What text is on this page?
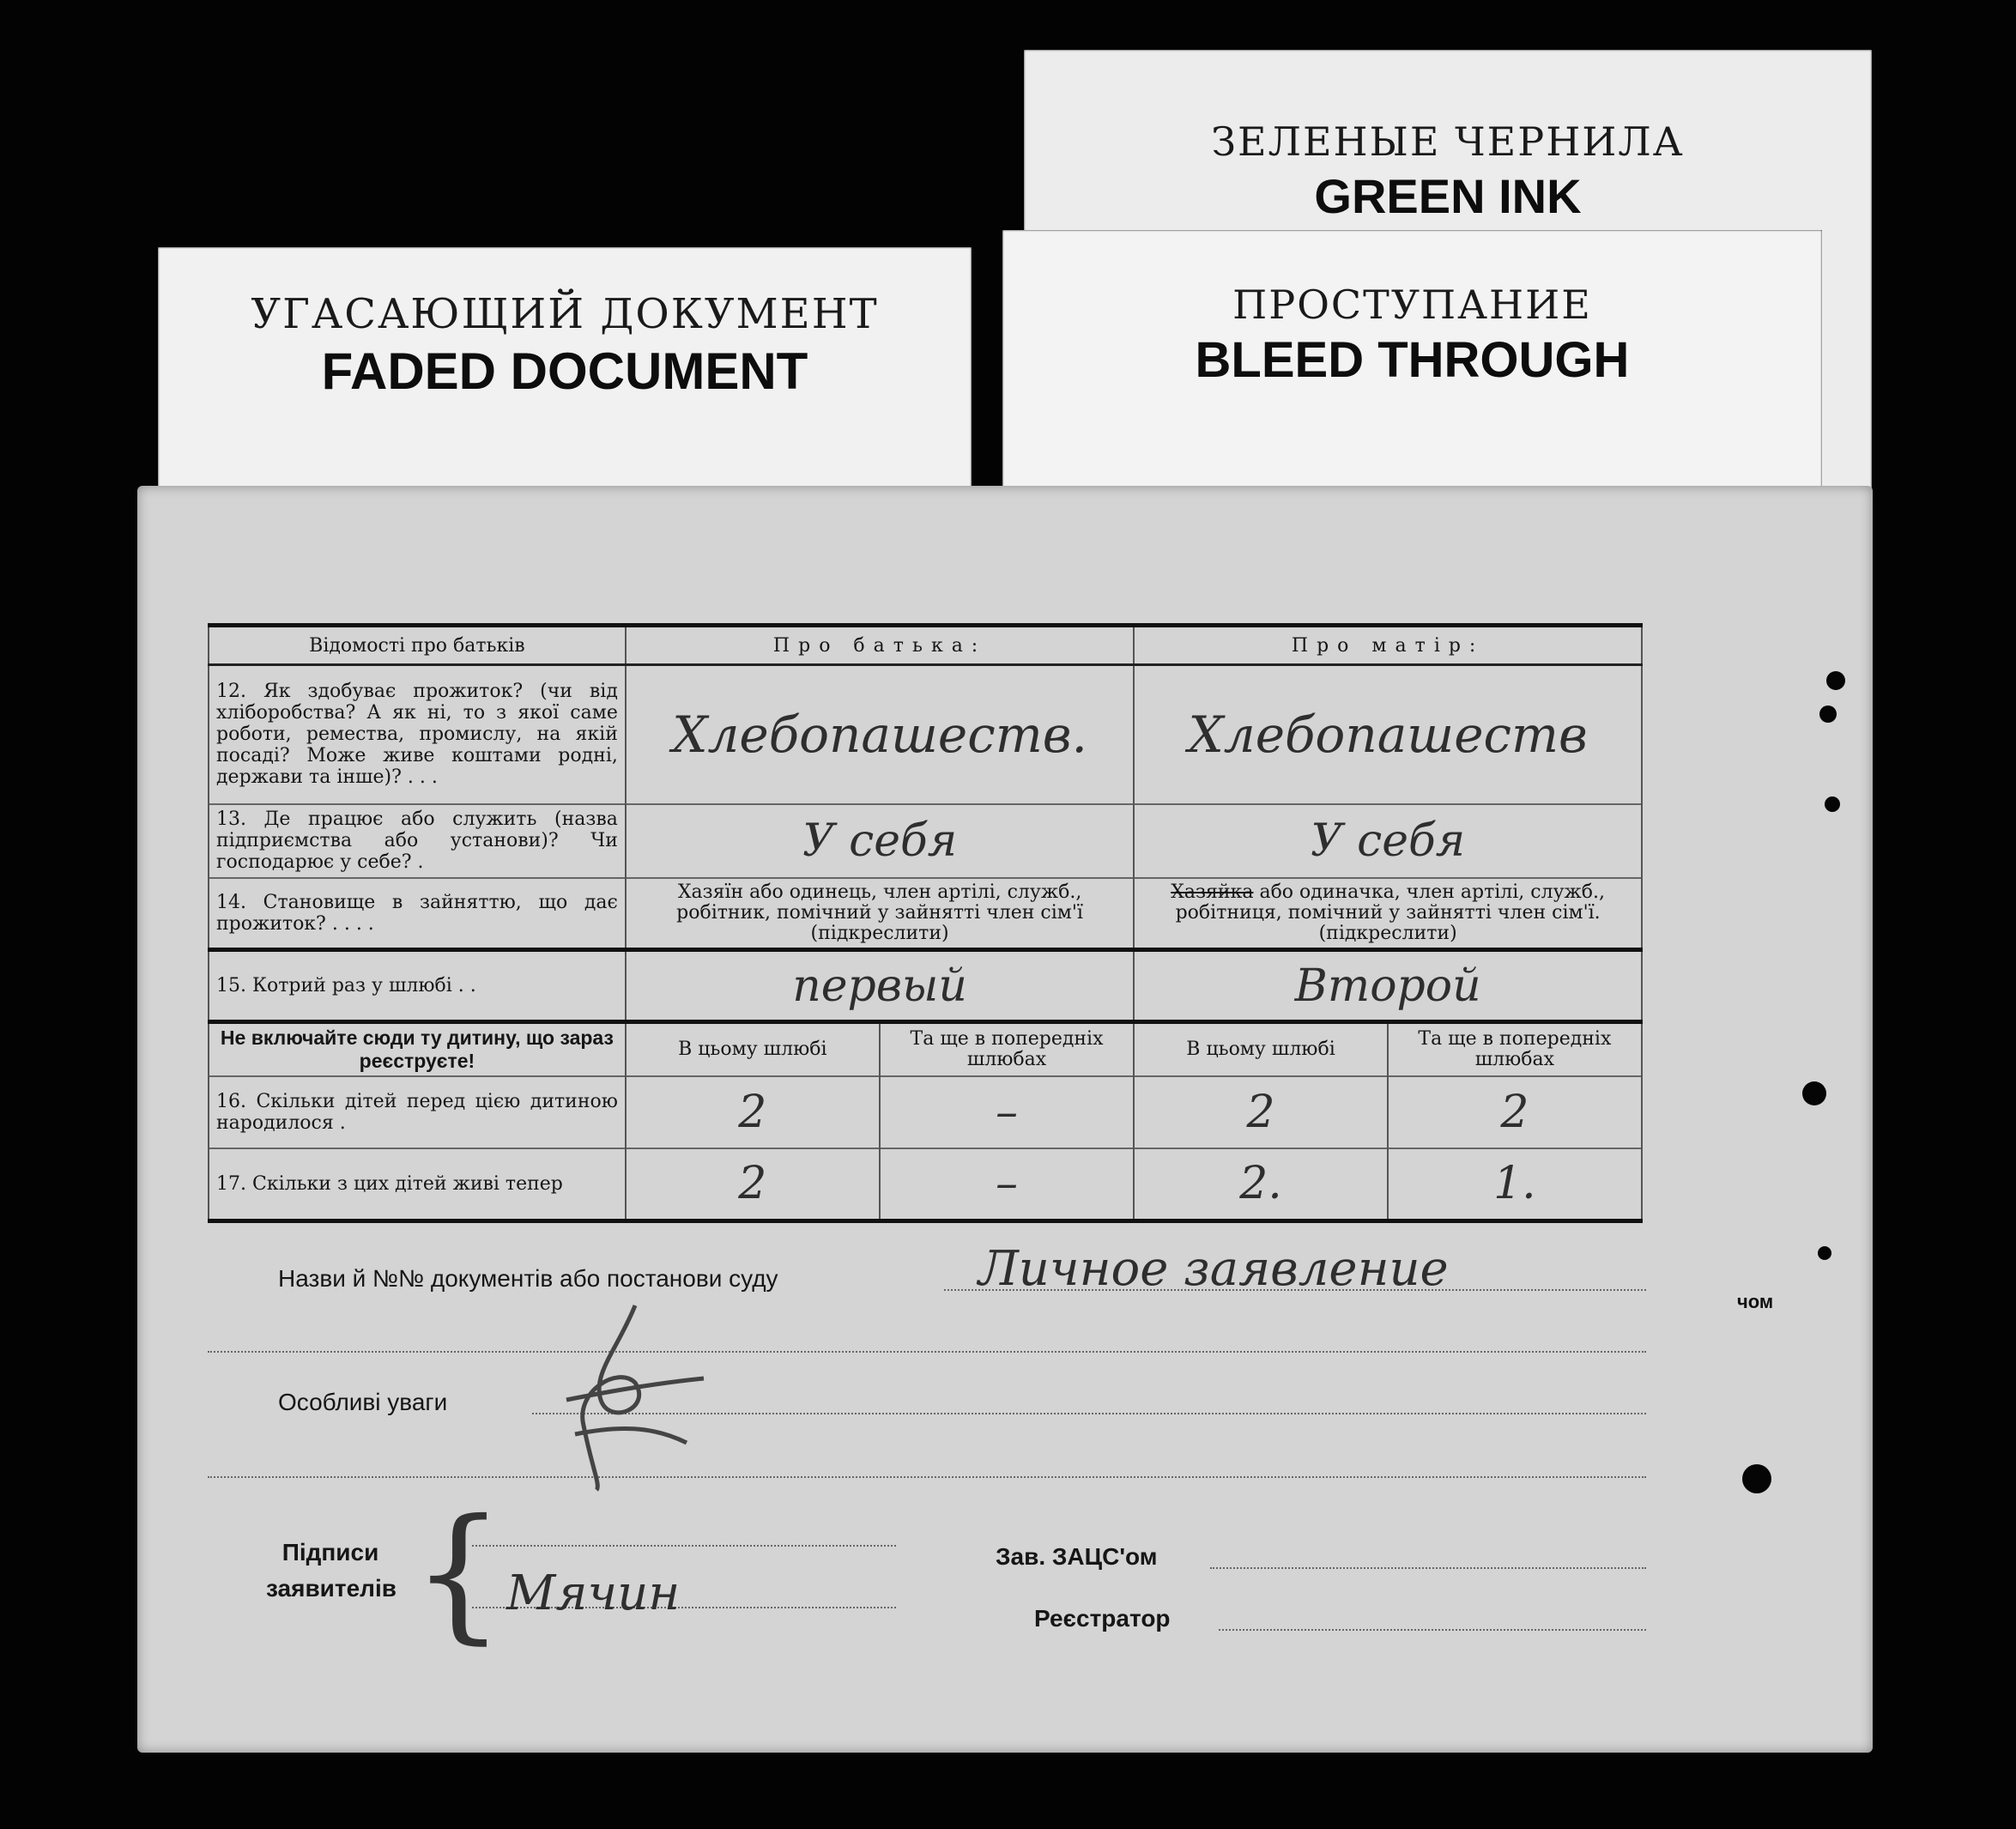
ЗЕЛЕНЫЕ ЧЕРНИЛА
GREEN INK
УГАСАЮЩИЙ ДОКУМЕНТ
FADED DOCUMENT
ПРОСТУПАНИЕ
BLEED THROUGH
Відомості про батьків	Про батька:		Про матір:	
12. Як здобуває прожиток? (чи від хліборобства? А як ні, то з якої саме роботи, ремества, промислу, на якій посаді? Може живе коштами родні, держави та інше)? . . .	Хлебопашеств.		Хлебопашеств	
13. Де працює або служить (назва підприємства або установи)? Чи господарює у себе? .	У себя		У себя	
14. Становище в зайняттю, що дає прожиток? . . . .	Хазяїн або одинець, член артілі, служб., робітник, помічний у зайнятті член сім'ї (підкреслити)		Хазяйка або одиначка, член артілі, служб., робітниця, помічний у зайнятті член сім'ї. (підкреслити)	
15. Котрий раз у шлюбі . .	первый		Второй	
Не включайте сюди ту дитину, що зараз реєструєте!	В цьому шлюбі	Та ще в попередніх шлюбах	В цьому шлюбі	Та ще в попередніх шлюбах
16. Скільки дітей перед цією дитиною народилося .	2	–	2	2
17. Скільки з цих дітей живі тепер	2	–	2.	1.
Назви й №№ документів або постанови суду	Личное заявление
Особливі уваги
Підписи заявителів { Мячин
Зав. ЗАЦС'ом
Реєстратор
чом
